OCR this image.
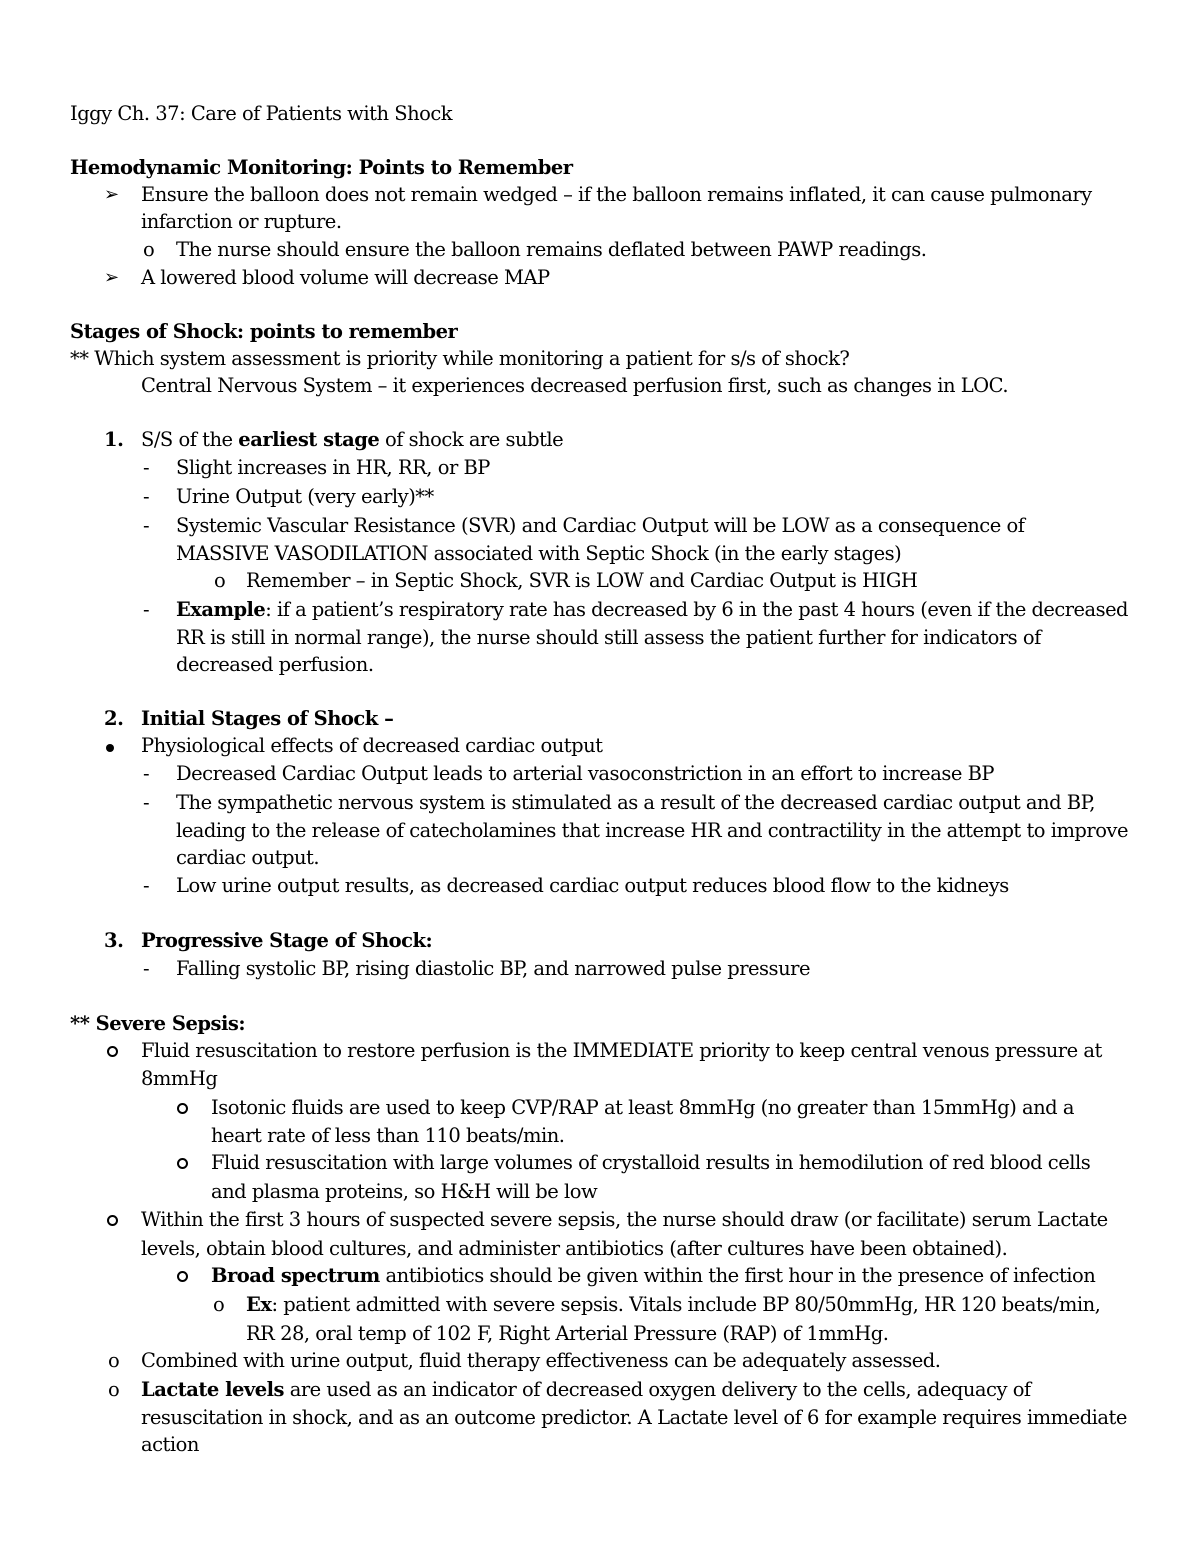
Iggy Ch. 37: Care of Patients with Shock
Hemodynamic Monitoring: Points to Remember
➢ Ensure the balloon does not remain wedged – if the balloon remains inflated, it can cause pulmonary
infarction or rupture.
o The nurse should ensure the balloon remains deflated between PAWP readings.
➢ A lowered blood volume will decrease MAP
Stages of Shock: points to remember
** Which system assessment is priority while monitoring a patient for s/s of shock?
Central Nervous System – it experiences decreased perfusion first, such as changes in LOC.
1. S/S of the earliest stage of shock are subtle
- Slight increases in HR, RR, or BP
- Urine Output (very early)**
- Systemic Vascular Resistance (SVR) and Cardiac Output will be LOW as a consequence of
MASSIVE VASODILATION associated with Septic Shock (in the early stages)
o Remember – in Septic Shock, SVR is LOW and Cardiac Output is HIGH
- Example: if a patient’s respiratory rate has decreased by 6 in the past 4 hours (even if the decreased
RR is still in normal range), the nurse should still assess the patient further for indicators of
decreased perfusion.
2. Initial Stages of Shock –
Physiological effects of decreased cardiac output
- Decreased Cardiac Output leads to arterial vasoconstriction in an effort to increase BP
- The sympathetic nervous system is stimulated as a result of the decreased cardiac output and BP,
leading to the release of catecholamines that increase HR and contractility in the attempt to improve
cardiac output.
- Low urine output results, as decreased cardiac output reduces blood flow to the kidneys
3. Progressive Stage of Shock:
- Falling systolic BP, rising diastolic BP, and narrowed pulse pressure
** Severe Sepsis:
Fluid resuscitation to restore perfusion is the IMMEDIATE priority to keep central venous pressure at
8mmHg
Isotonic fluids are used to keep CVP/RAP at least 8mmHg (no greater than 15mmHg) and a
heart rate of less than 110 beats/min.
Fluid resuscitation with large volumes of crystalloid results in hemodilution of red blood cells
and plasma proteins, so H&H will be low
Within the first 3 hours of suspected severe sepsis, the nurse should draw (or facilitate) serum Lactate
levels, obtain blood cultures, and administer antibiotics (after cultures have been obtained).
Broad spectrum antibiotics should be given within the first hour in the presence of infection
o Ex: patient admitted with severe sepsis. Vitals include BP 80/50mmHg, HR 120 beats/min,
RR 28, oral temp of 102 F, Right Arterial Pressure (RAP) of 1mmHg.
o Combined with urine output, fluid therapy effectiveness can be adequately assessed.
o Lactate levels are used as an indicator of decreased oxygen delivery to the cells, adequacy of
resuscitation in shock, and as an outcome predictor. A Lactate level of 6 for example requires immediate
action
